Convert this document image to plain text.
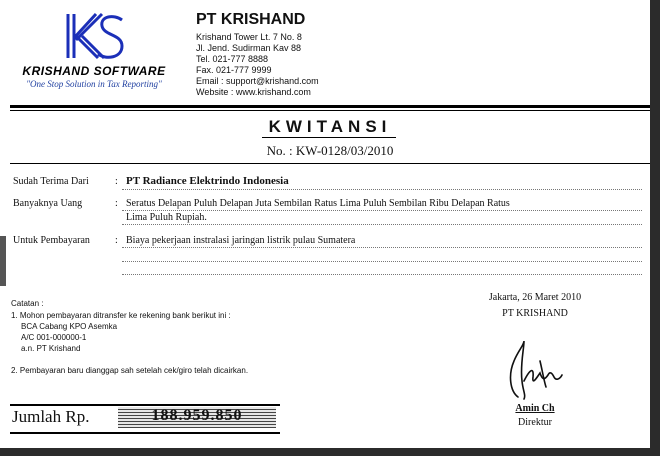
KRISHAND SOFTWARE
"One Stop Solution in Tax Reporting"
PT KRISHAND
Krishand Tower Lt. 7 No. 8
Jl. Jend. Sudirman Kav 88
Tel. 021-777 8888
Fax. 021-777 9999
Email : support@krishand.com
Website : www.krishand.com
KWITANSI
No. : KW-0128/03/2010
Sudah Terima Dari	: PT Radiance Elektrindo Indonesia
Banyaknya Uang	: Seratus Delapan Puluh Delapan Juta Sembilan Ratus Lima Puluh Sembilan Ribu Delapan Ratus
Lima Puluh Rupiah.
Untuk Pembayaran	: Biaya pekerjaan instralasi jaringan listrik pulau Sumatera
Catatan :
1. Mohon pembayaran ditransfer ke rekening bank berikut ini :
BCA Cabang KPO Asemka
A/C 001-000000-1
a.n. PT Krishand
2. Pembayaran baru dianggap sah setelah cek/giro telah dicairkan.
Jakarta, 26 Maret 2010
PT KRISHAND
Amin Ch
Direktur
Jumlah Rp.	188.959.850
